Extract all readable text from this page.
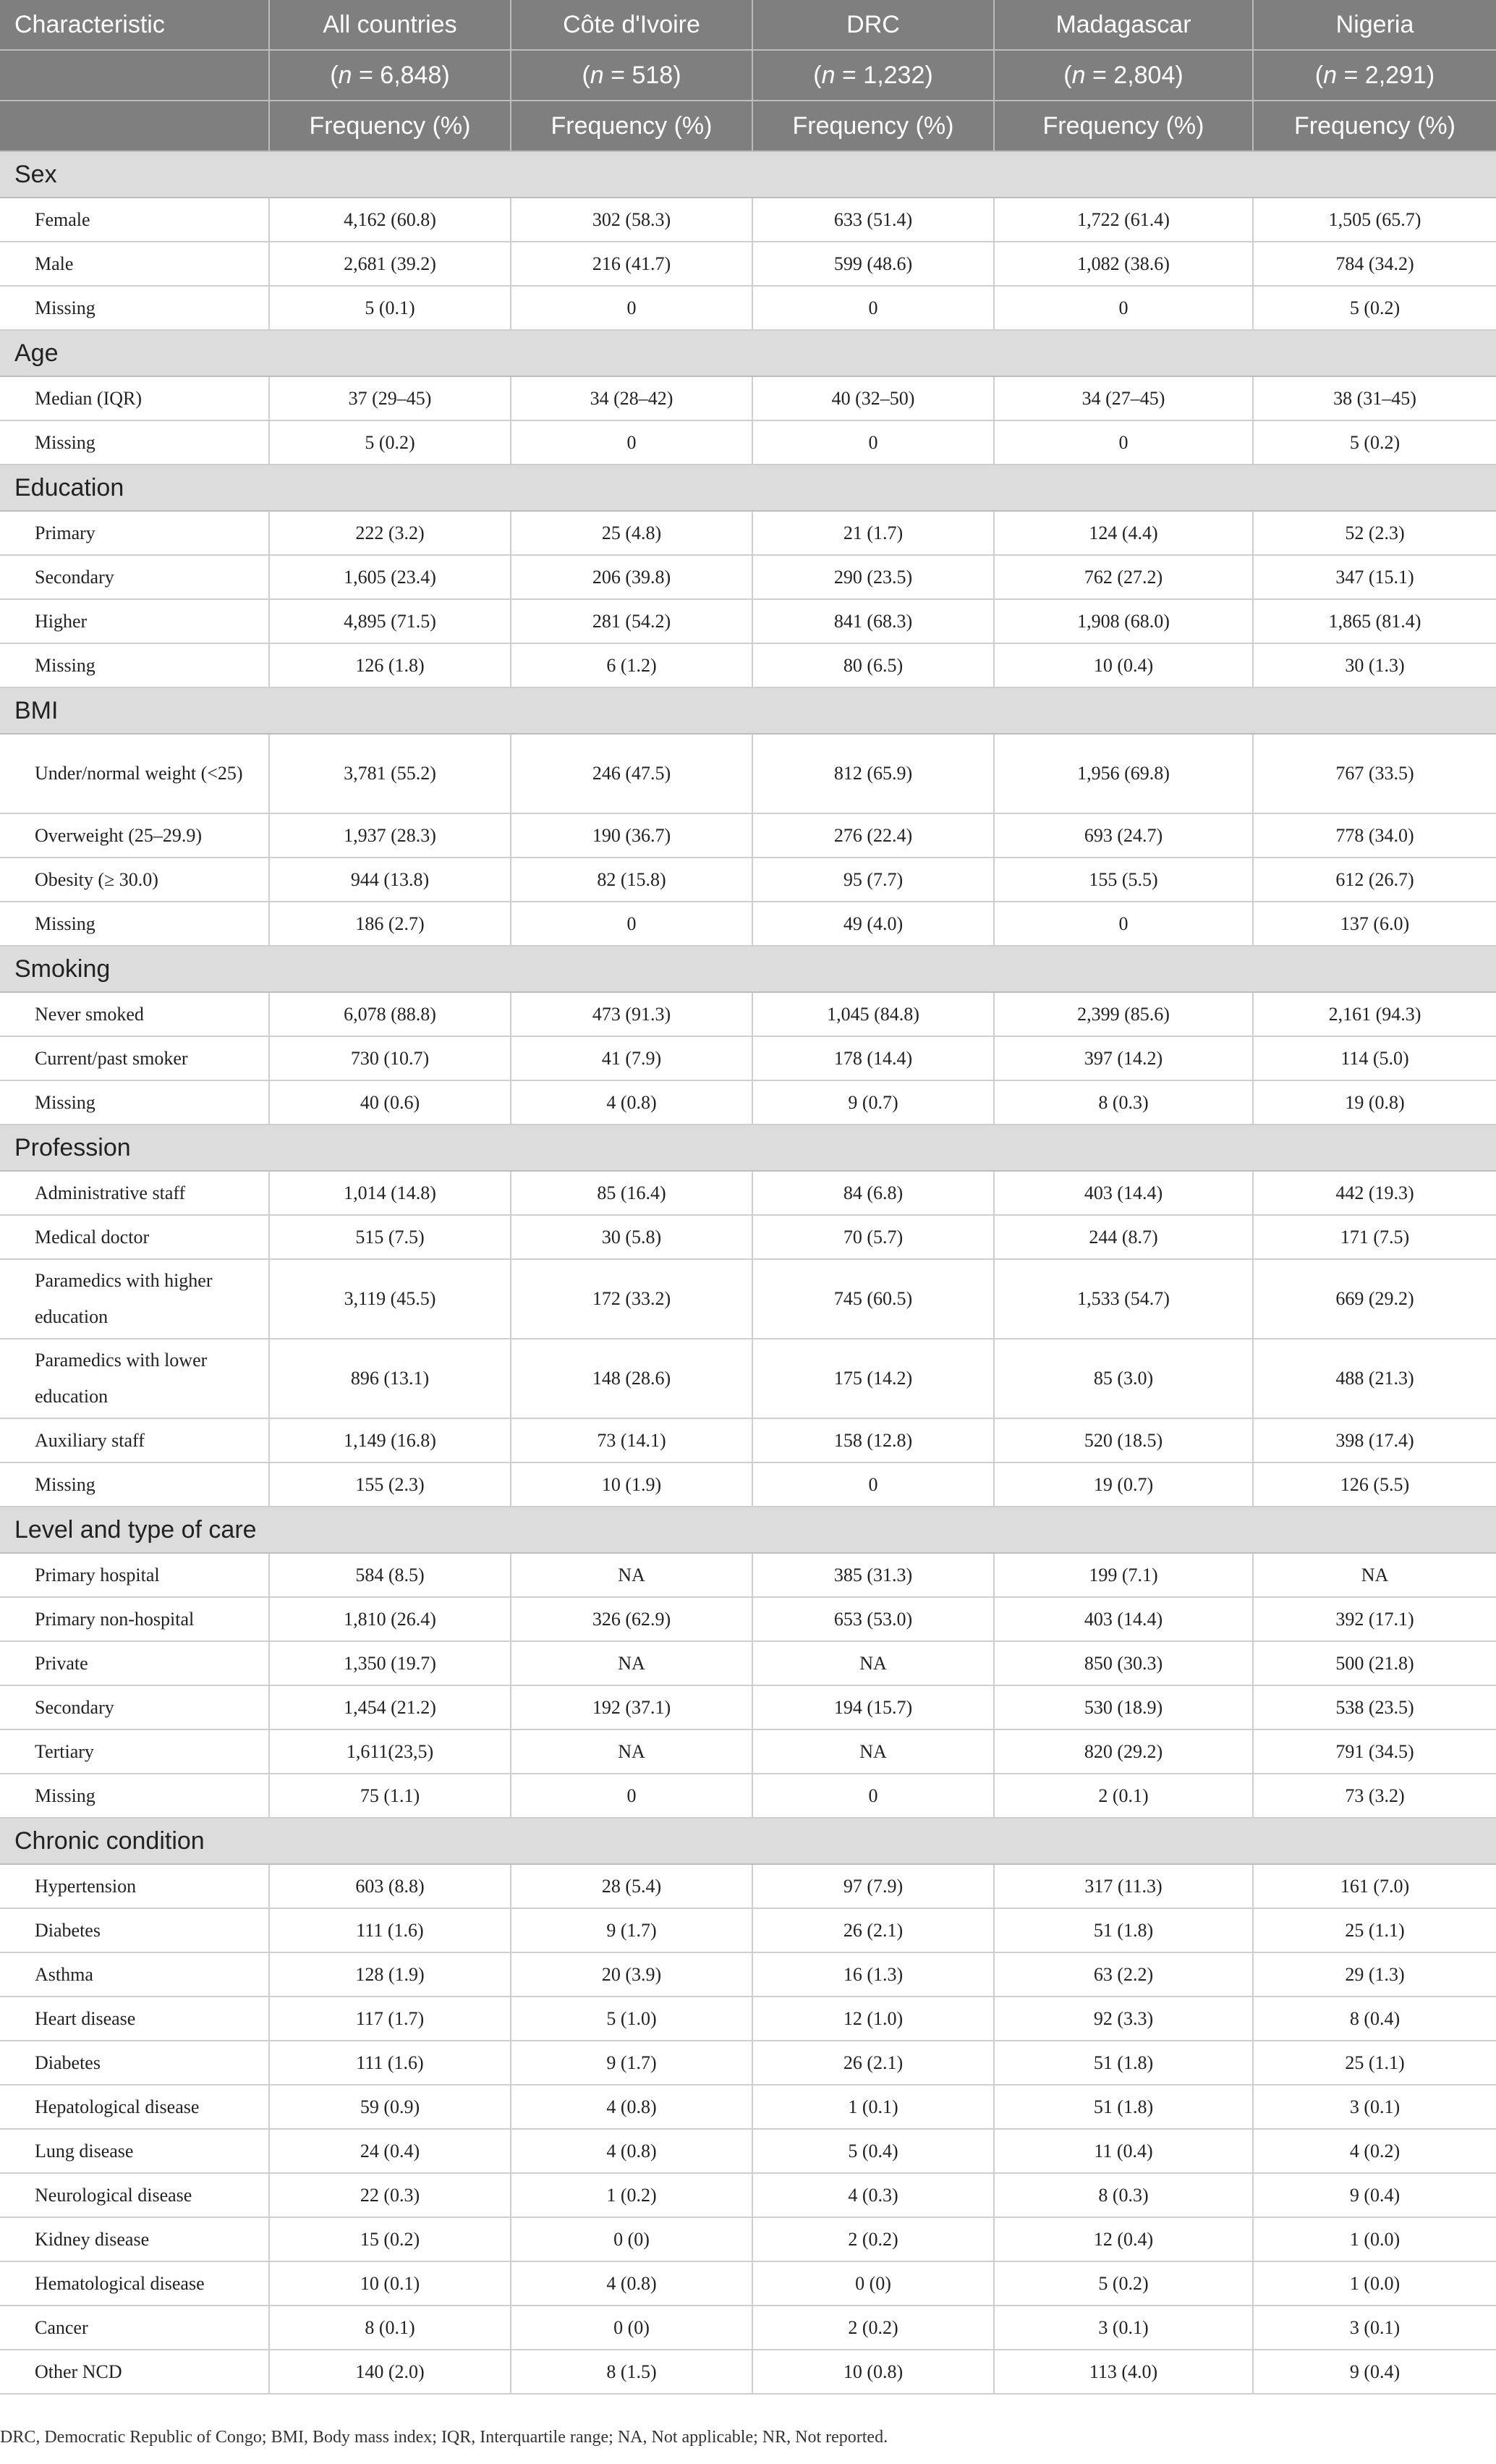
Characteristic	All countries	Côte d'Ivoire	DRC	Madagascar	Nigeria
	(n = 6,848)	(n = 518)	(n = 1,232)	(n = 2,804)	(n = 2,291)
	Frequency (%)	Frequency (%)	Frequency (%)	Frequency (%)	Frequency (%)
Sex					
Female	4,162 (60.8)	302 (58.3)	633 (51.4)	1,722 (61.4)	1,505 (65.7)
Male	2,681 (39.2)	216 (41.7)	599 (48.6)	1,082 (38.6)	784 (34.2)
Missing	5 (0.1)	0	0	0	5 (0.2)
Age					
Median (IQR)	37 (29–45)	34 (28–42)	40 (32–50)	34 (27–45)	38 (31–45)
Missing	5 (0.2)	0	0	0	5 (0.2)
Education					
Primary	222 (3.2)	25 (4.8)	21 (1.7)	124 (4.4)	52 (2.3)
Secondary	1,605 (23.4)	206 (39.8)	290 (23.5)	762 (27.2)	347 (15.1)
Higher	4,895 (71.5)	281 (54.2)	841 (68.3)	1,908 (68.0)	1,865 (81.4)
Missing	126 (1.8)	6 (1.2)	80 (6.5)	10 (0.4)	30 (1.3)
BMI					
Under/normal weight (<25)	3,781 (55.2)	246 (47.5)	812 (65.9)	1,956 (69.8)	767 (33.5)
Overweight (25–29.9)	1,937 (28.3)	190 (36.7)	276 (22.4)	693 (24.7)	778 (34.0)
Obesity (≥ 30.0)	944 (13.8)	82 (15.8)	95 (7.7)	155 (5.5)	612 (26.7)
Missing	186 (2.7)	0	49 (4.0)	0	137 (6.0)
Smoking					
Never smoked	6,078 (88.8)	473 (91.3)	1,045 (84.8)	2,399 (85.6)	2,161 (94.3)
Current/past smoker	730 (10.7)	41 (7.9)	178 (14.4)	397 (14.2)	114 (5.0)
Missing	40 (0.6)	4 (0.8)	9 (0.7)	8 (0.3)	19 (0.8)
Profession					
Administrative staff	1,014 (14.8)	85 (16.4)	84 (6.8)	403 (14.4)	442 (19.3)
Medical doctor	515 (7.5)	30 (5.8)	70 (5.7)	244 (8.7)	171 (7.5)
Paramedics with higher education	3,119 (45.5)	172 (33.2)	745 (60.5)	1,533 (54.7)	669 (29.2)
Paramedics with lower education	896 (13.1)	148 (28.6)	175 (14.2)	85 (3.0)	488 (21.3)
Auxiliary staff	1,149 (16.8)	73 (14.1)	158 (12.8)	520 (18.5)	398 (17.4)
Missing	155 (2.3)	10 (1.9)	0	19 (0.7)	126 (5.5)
Level and type of care					
Primary hospital	584 (8.5)	NA	385 (31.3)	199 (7.1)	NA
Primary non-hospital	1,810 (26.4)	326 (62.9)	653 (53.0)	403 (14.4)	392 (17.1)
Private	1,350 (19.7)	NA	NA	850 (30.3)	500 (21.8)
Secondary	1,454 (21.2)	192 (37.1)	194 (15.7)	530 (18.9)	538 (23.5)
Tertiary	1,611(23,5)	NA	NA	820 (29.2)	791 (34.5)
Missing	75 (1.1)	0	0	2 (0.1)	73 (3.2)
Chronic condition					
Hypertension	603 (8.8)	28 (5.4)	97 (7.9)	317 (11.3)	161 (7.0)
Diabetes	111 (1.6)	9 (1.7)	26 (2.1)	51 (1.8)	25 (1.1)
Asthma	128 (1.9)	20 (3.9)	16 (1.3)	63 (2.2)	29 (1.3)
Heart disease	117 (1.7)	5 (1.0)	12 (1.0)	92 (3.3)	8 (0.4)
Diabetes	111 (1.6)	9 (1.7)	26 (2.1)	51 (1.8)	25 (1.1)
Hepatological disease	59 (0.9)	4 (0.8)	1 (0.1)	51 (1.8)	3 (0.1)
Lung disease	24 (0.4)	4 (0.8)	5 (0.4)	11 (0.4)	4 (0.2)
Neurological disease	22 (0.3)	1 (0.2)	4 (0.3)	8 (0.3)	9 (0.4)
Kidney disease	15 (0.2)	0 (0)	2 (0.2)	12 (0.4)	1 (0.0)
Hematological disease	10 (0.1)	4 (0.8)	0 (0)	5 (0.2)	1 (0.0)
Cancer	8 (0.1)	0 (0)	2 (0.2)	3 (0.1)	3 (0.1)
Other NCD	140 (2.0)	8 (1.5)	10 (0.8)	113 (4.0)	9 (0.4)
DRC, Democratic Republic of Congo; BMI, Body mass index; IQR, Interquartile range; NA, Not applicable; NR, Not reported.
